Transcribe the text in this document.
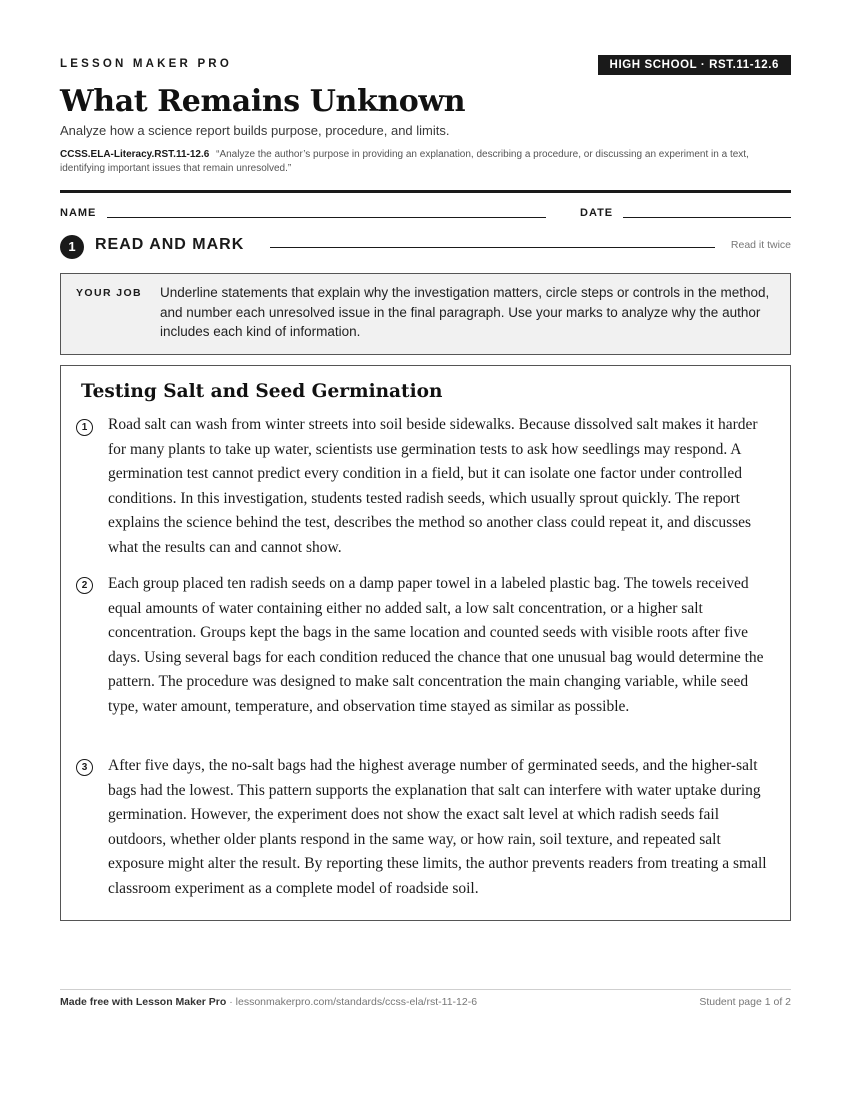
LESSON MAKER PRO	HIGH SCHOOL · RST.11-12.6
What Remains Unknown
Analyze how a science report builds purpose, procedure, and limits.
CCSS.ELA-Literacy.RST.11-12.6 “Analyze the author’s purpose in providing an explanation, describing a procedure, or discussing an experiment in a text, identifying important issues that remain unresolved.”
NAME	DATE
1	READ AND MARK	Read it twice
YOUR JOB Underline statements that explain why the investigation matters, circle steps or controls in the method, and number each unresolved issue in the final paragraph. Use your marks to analyze why the author includes each kind of information.
Testing Salt and Seed Germination
1	Road salt can wash from winter streets into soil beside sidewalks. Because dissolved salt makes it harder for many plants to take up water, scientists use germination tests to ask how seedlings may respond. A germination test cannot predict every condition in a field, but it can isolate one factor under controlled conditions. In this investigation, students tested radish seeds, which usually sprout quickly. The report explains the science behind the test, describes the method so another class could repeat it, and discusses what the results can and cannot show.

2	Each group placed ten radish seeds on a damp paper towel in a labeled plastic bag. The towels received equal amounts of water containing either no added salt, a low salt concentration, or a higher salt concentration. Groups kept the bags in the same location and counted seeds with visible roots after five days. Using several bags for each condition reduced the chance that one unusual bag would determine the pattern. The procedure was designed to make salt concentration the main changing variable, while seed type, water amount, temperature, and observation time stayed as similar as possible.

3	After five days, the no-salt bags had the highest average number of germinated seeds, and the higher-salt bags had the lowest. This pattern supports the explanation that salt can interfere with water uptake during germination. However, the experiment does not show the exact salt level at which radish seeds fail outdoors, whether older plants respond in the same way, or how rain, soil texture, and repeated salt exposure might alter the result. By reporting these limits, the author prevents readers from treating a small classroom experiment as a complete model of roadside soil.

Made free with Lesson Maker Pro · lessonmakerpro.com/standards/ccss-ela/rst-11-12-6	Student page 1 of 2
